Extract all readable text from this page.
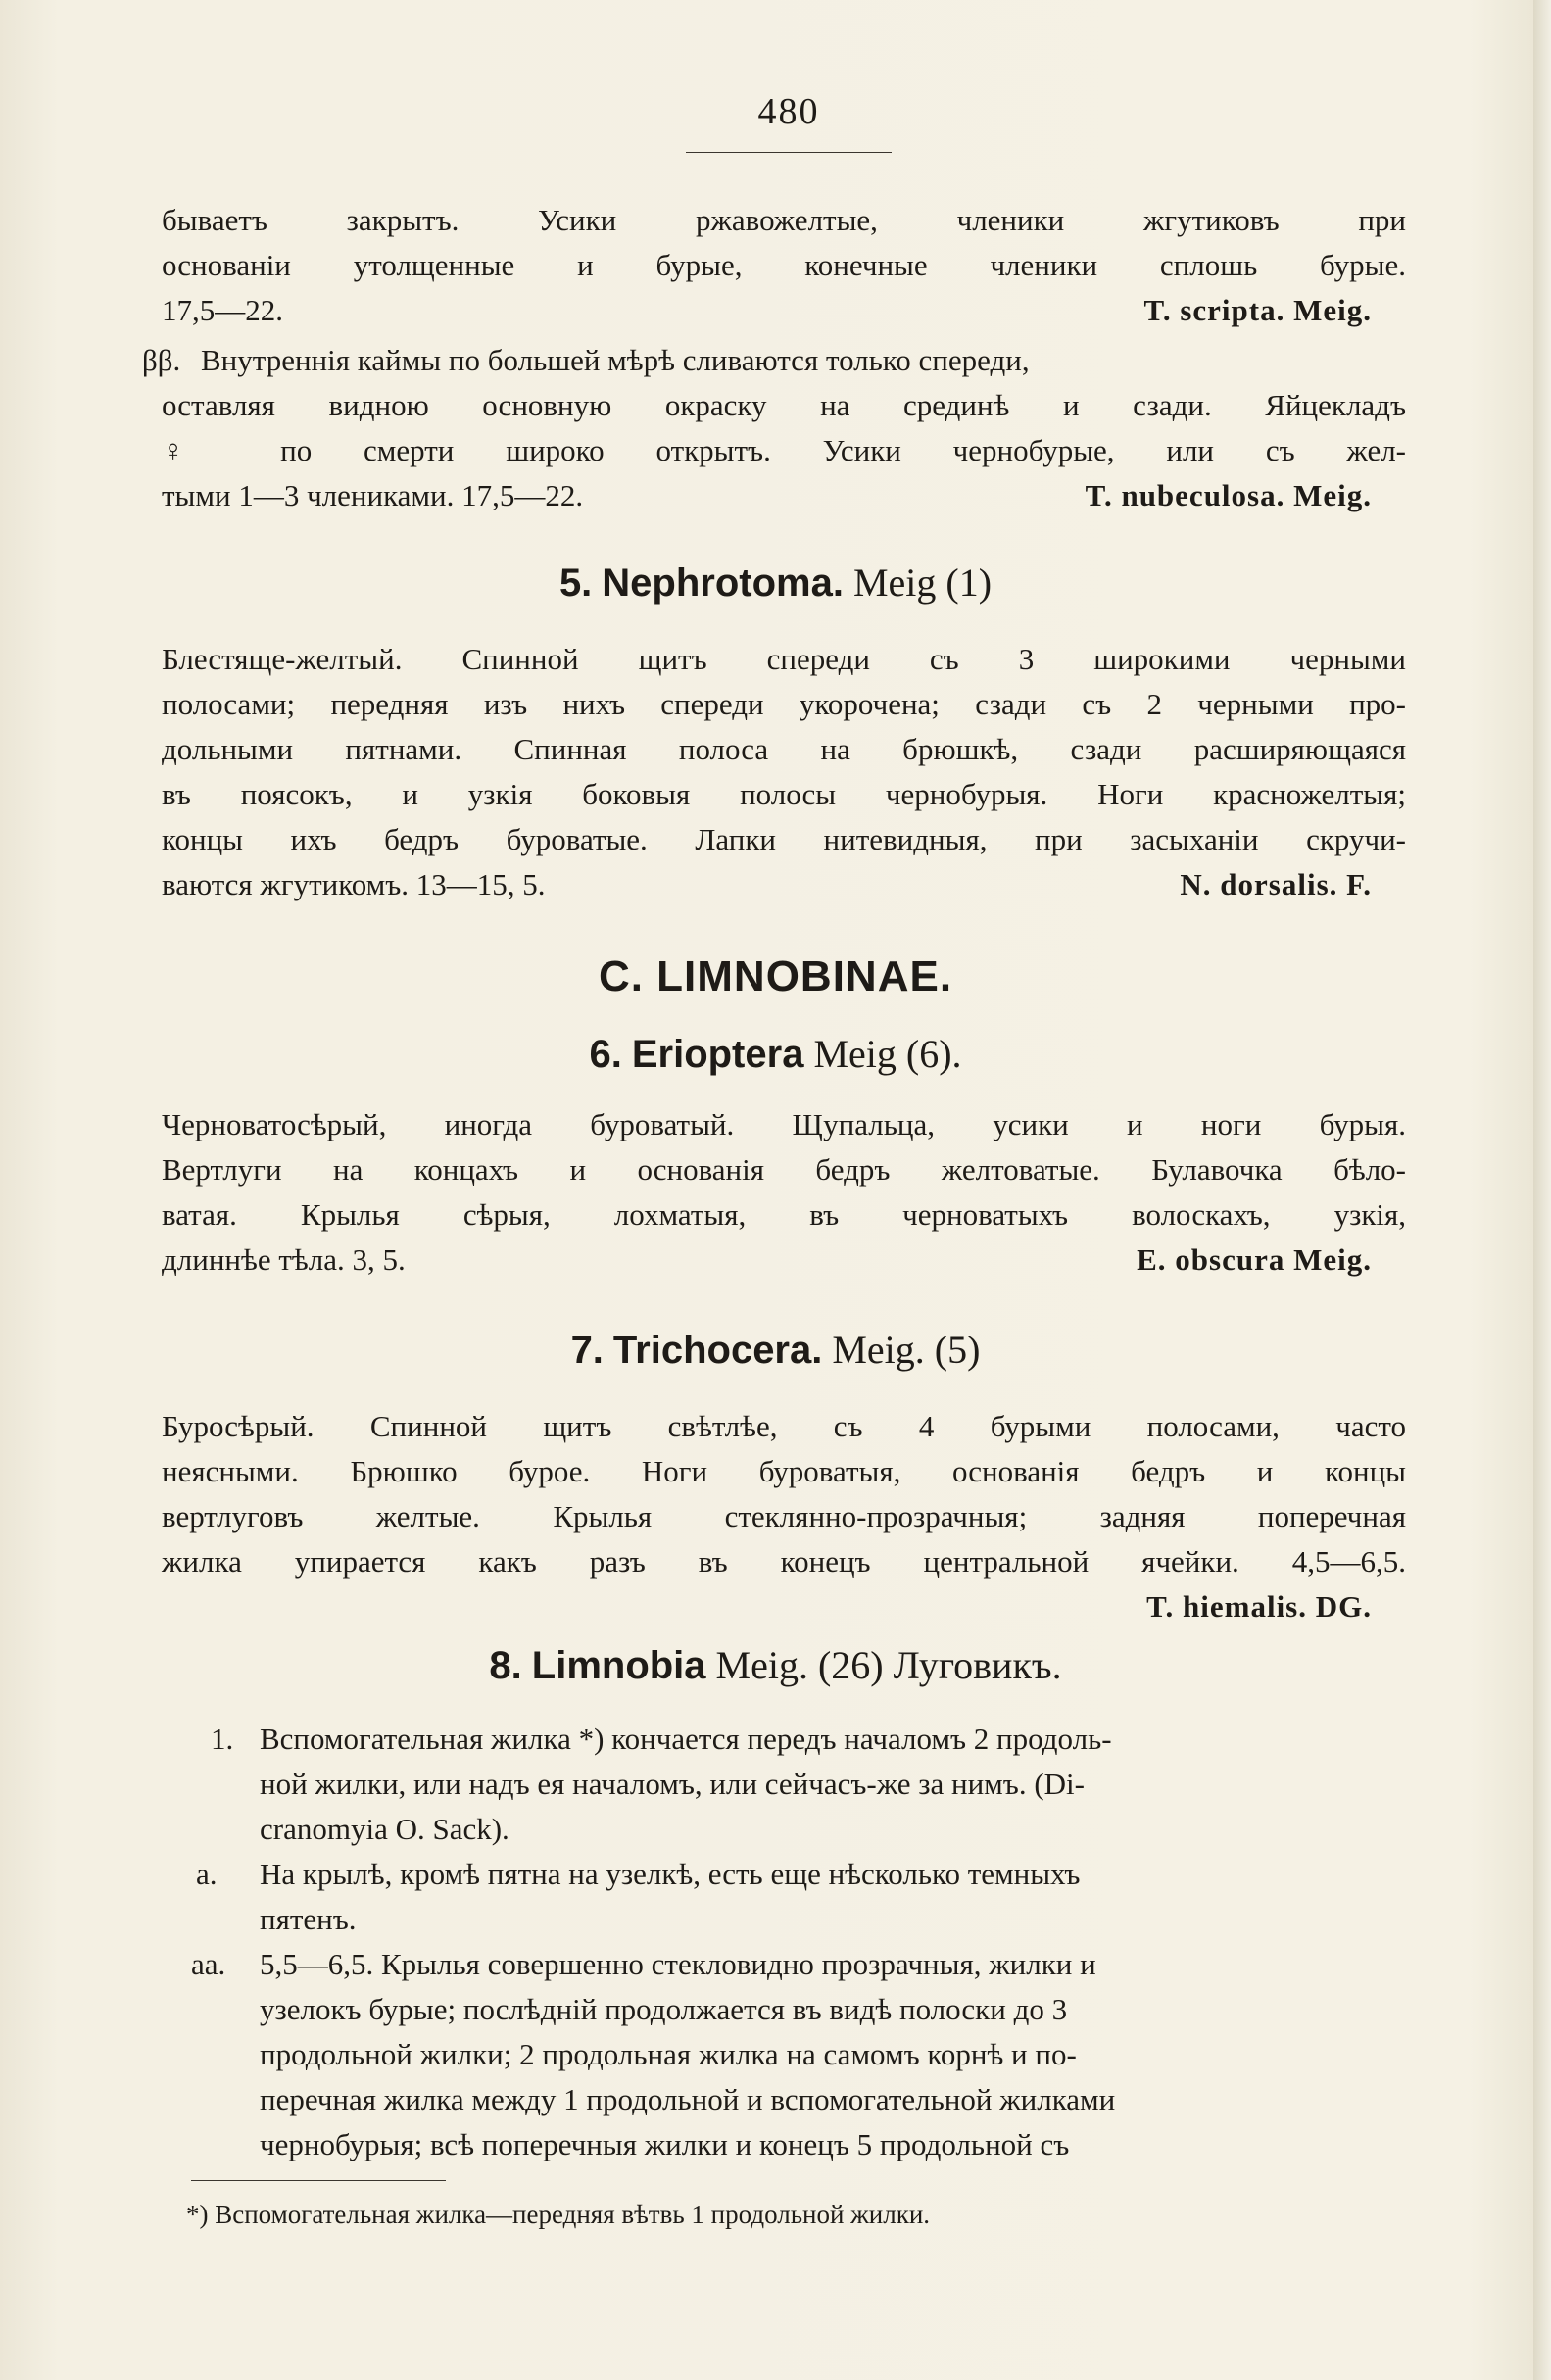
480
бываетъ закрытъ. Усики ржавожелтые, членики жгутиковъ при
основанiи утолщенные и бурые, конечные членики сплошь бурые.
17,5—22.	T. scripta. Meig.
ββ. Внутреннiя каймы по большей мѣрѣ сливаются только спереди,
оставляя видною основную окраску на срединѣ и сзади. Яйцекладъ
♀ по смерти широко открытъ. Усики чернобурые, или съ жел-
тыми 1—3 члениками. 17,5—22.	T. nubeculosa. Meig.
5. Nephrotoma. Meig (1)
Блестяще-желтый. Спинной щитъ спереди съ 3 широкими черными
полосами; передняя изъ нихъ спереди укорочена; сзади съ 2 черными про-
дольными пятнами. Спинная полоса на брюшкѣ, сзади расширяющаяся
въ поясокъ, и узкiя боковыя полосы чернобурыя. Ноги красножелтыя;
концы ихъ бедръ буроватые. Лапки нитевидныя, при засыханiи скручи-
ваются жгутикомъ. 13—15, 5.	N. dorsalis. F.
C. LIMNOBINAE.
6. Erioptera Meig (6).
Черноватосѣрый, иногда буроватый. Щупальца, усики и ноги бурыя.
Вертлуги на концахъ и основанiя бедръ желтоватые. Булавочка бѣло-
ватая. Крылья сѣрыя, лохматыя, въ черноватыхъ волоскахъ, узкiя,
длиннѣе тѣла. 3, 5.	E. obscura Meig.
7. Trichocera. Meig. (5)
Буросѣрый. Спинной щитъ свѣтлѣе, съ 4 бурыми полосами, часто
неясными. Брюшко бурое. Ноги буроватыя, основанiя бедръ и концы
вертлуговъ желтые. Крылья стеклянно-прозрачныя; задняя поперечная
жилка упирается какъ разъ въ конецъ центральной ячейки. 4,5—6,5.
T. hiemalis. DG.
8. Limnobia Meig. (26) Луговикъ.
1. Вспомогательная жилка *) кончается передъ началомъ 2 продоль-
ной жилки, или надъ ея началомъ, или сейчасъ-же за нимъ. (Di-
cranomyia O. Sack).
a.	На крылѣ, кромѣ пятна на узелкѣ, есть еще нѣсколько темныхъ
пятенъ.
aa.	5,5—6,5. Крылья совершенно стекловидно прозрачныя, жилки и
узелокъ бурые; послѣднiй продолжается въ видѣ полоски до 3
продольной жилки; 2 продольная жилка на самомъ корнѣ и по-
перечная жилка между 1 продольной и вспомогательной жилками
чернобурыя; всѣ поперечныя жилки и конецъ 5 продольной съ
*) Вспомогательная жилка—передняя вѣтвь 1 продольной жилки.
